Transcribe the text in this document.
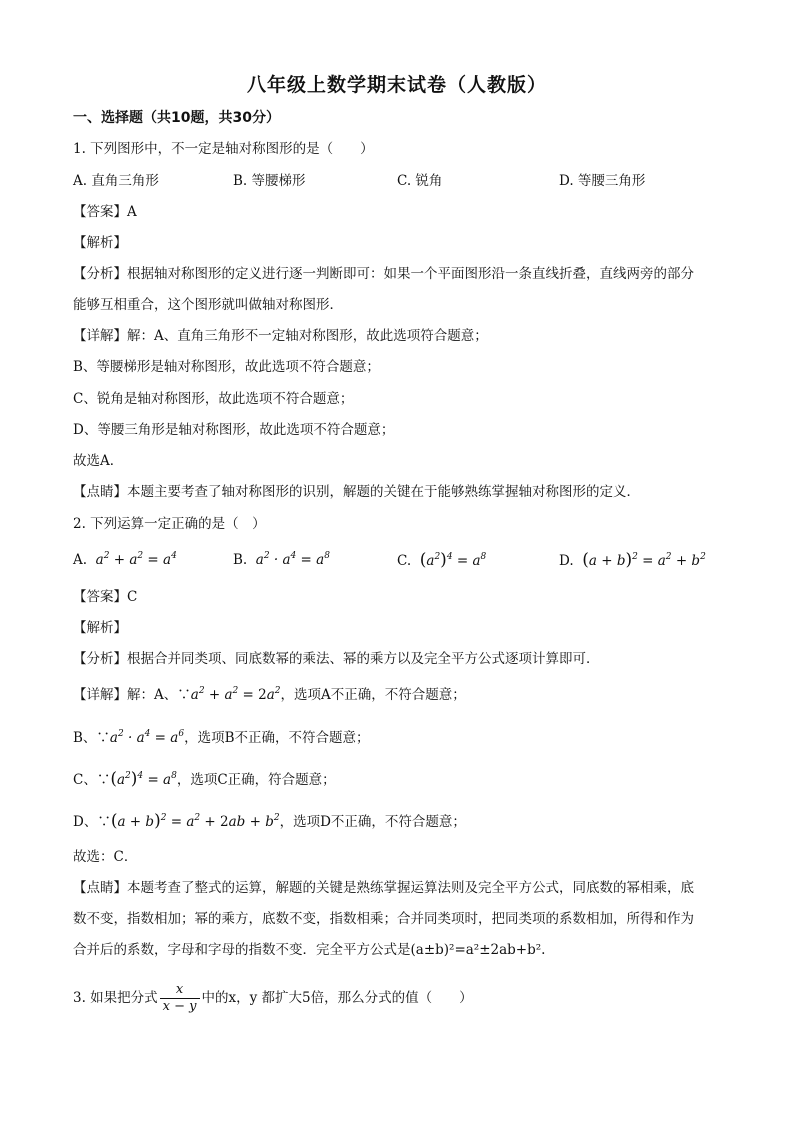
八年级上数学期末试卷（人教版）
一、选择题（共10题，共30分）
1. 下列图形中，不一定是轴对称图形的是（　　）
A. 直角三角形	B. 等腰梯形	C. 锐角	D. 等腰三角形
【答案】A
【解析】
【分析】根据轴对称图形的定义进行逐一判断即可：如果一个平面图形沿一条直线折叠，直线两旁的部分
能够互相重合，这个图形就叫做轴对称图形．
【详解】解：A、直角三角形不一定轴对称图形，故此选项符合题意；
B、等腰梯形是轴对称图形，故此选项不符合题意；
C、锐角是轴对称图形，故此选项不符合题意；
D、等腰三角形是轴对称图形，故此选项不符合题意；
故选A．
【点睛】本题主要考查了轴对称图形的识别，解题的关键在于能够熟练掌握轴对称图形的定义．
2. 下列运算一定正确的是（　）
A.  $a^2 + a^2 = a^4$	B.  $a^2 \cdot a^4 = a^8$	C. $(a^2)^4 = a^8$	D. $(a + b)^2 = a^2 + b^2$
【答案】C
【解析】
【分析】根据合并同类项、同底数幂的乘法、幂的乘方以及完全平方公式逐项计算即可．
【详解】解：A、$\because a^2 + a^2 = 2a^2$，选项A不正确，不符合题意；
B、$\because a^2 \cdot a^4 = a^6$，选项B不正确，不符合题意；
C、$\because(a^2)^4 = a^8$，选项C正确，符合题意；
D、∵(a + $b)^2 = a^2 + 2ab + b^2$，选项D不正确，不符合题意；
故选：C．
【点睛】本题考查了整式的运算，解题的关键是熟练掌握运算法则及完全平方公式，同底数的幂相乘，底
数不变，指数相加；幂的乘方，底数不变，指数相乘；合并同类项时，把同类项的系数相加，所得和作为
合并后的系数，字母和字母的指数不变．完全平方公式是(a±b)²=a²±2ab+b².
3. 如果把分式 $\frac{x}{x - y}$ 中的x，y 都扩大5倍，那么分式的值（　　）
